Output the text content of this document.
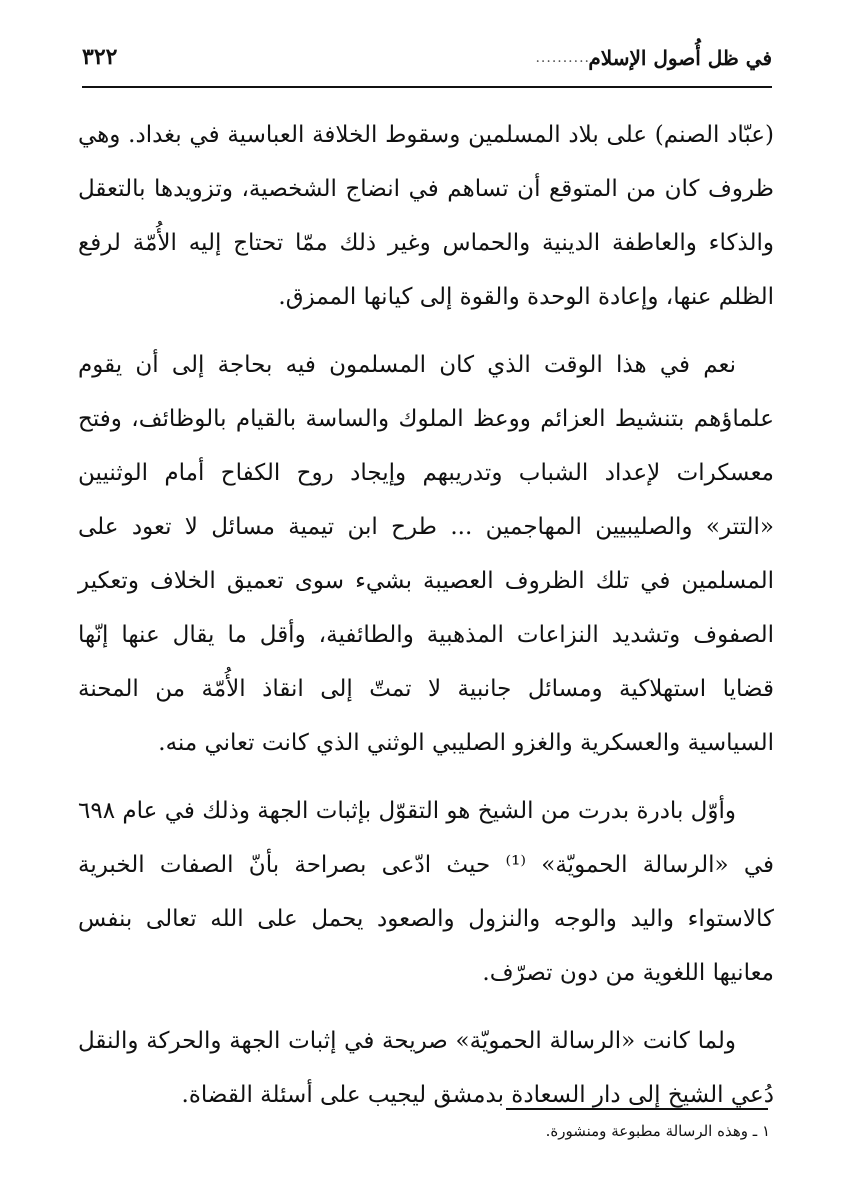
في ظل أُصول الإسلام
..........
٣٢٢

(عبّاد الصنم) على بلاد المسلمين وسقوط الخلافة العباسية في بغداد. وهي ظروف كان من المتوقع أن تساهم في انضاج الشخصية، وتزويدها بالتعقل والذكاء والعاطفة الدينية والحماس وغير ذلك ممّا تحتاج إليه الأُمّة لرفع الظلم عنها، وإعادة الوحدة والقوة إلى كيانها الممزق.

نعم في هذا الوقت الذي كان المسلمون فيه بحاجة إلى أن يقوم علماؤهم بتنشيط العزائم ووعظ الملوك والساسة بالقيام بالوظائف، وفتح معسكرات لإعداد الشباب وتدريبهم وإيجاد روح الكفاح أمام الوثنيين «التتر» والصليبيين المهاجمين ... طرح ابن تيمية مسائل لا تعود على المسلمين في تلك الظروف العصيبة بشيء سوى تعميق الخلاف وتعكير الصفوف وتشديد النزاعات المذهبية والطائفية، وأقل ما يقال عنها إنّها قضايا استهلاكية ومسائل جانبية لا تمتّ إلى انقاذ الأُمّة من المحنة السياسية والعسكرية والغزو الصليبي الوثني الذي كانت تعاني منه.

وأوّل بادرة بدرت من الشيخ هو التقوّل بإثبات الجهة وذلك في عام ٦٩٨ في «الرسالة الحمويّة» ⁽¹⁾ حيث ادّعى بصراحة بأنّ الصفات الخبرية كالاستواء واليد والوجه والنزول والصعود يحمل على الله تعالى بنفس معانيها اللغوية من دون تصرّف.

ولما كانت «الرسالة الحمويّة» صريحة في إثبات الجهة والحركة والنقل دُعي الشيخ إلى دار السعادة بدمشق ليجيب على أسئلة القضاة.

١ ـ وهذه الرسالة مطبوعة ومنشورة.
